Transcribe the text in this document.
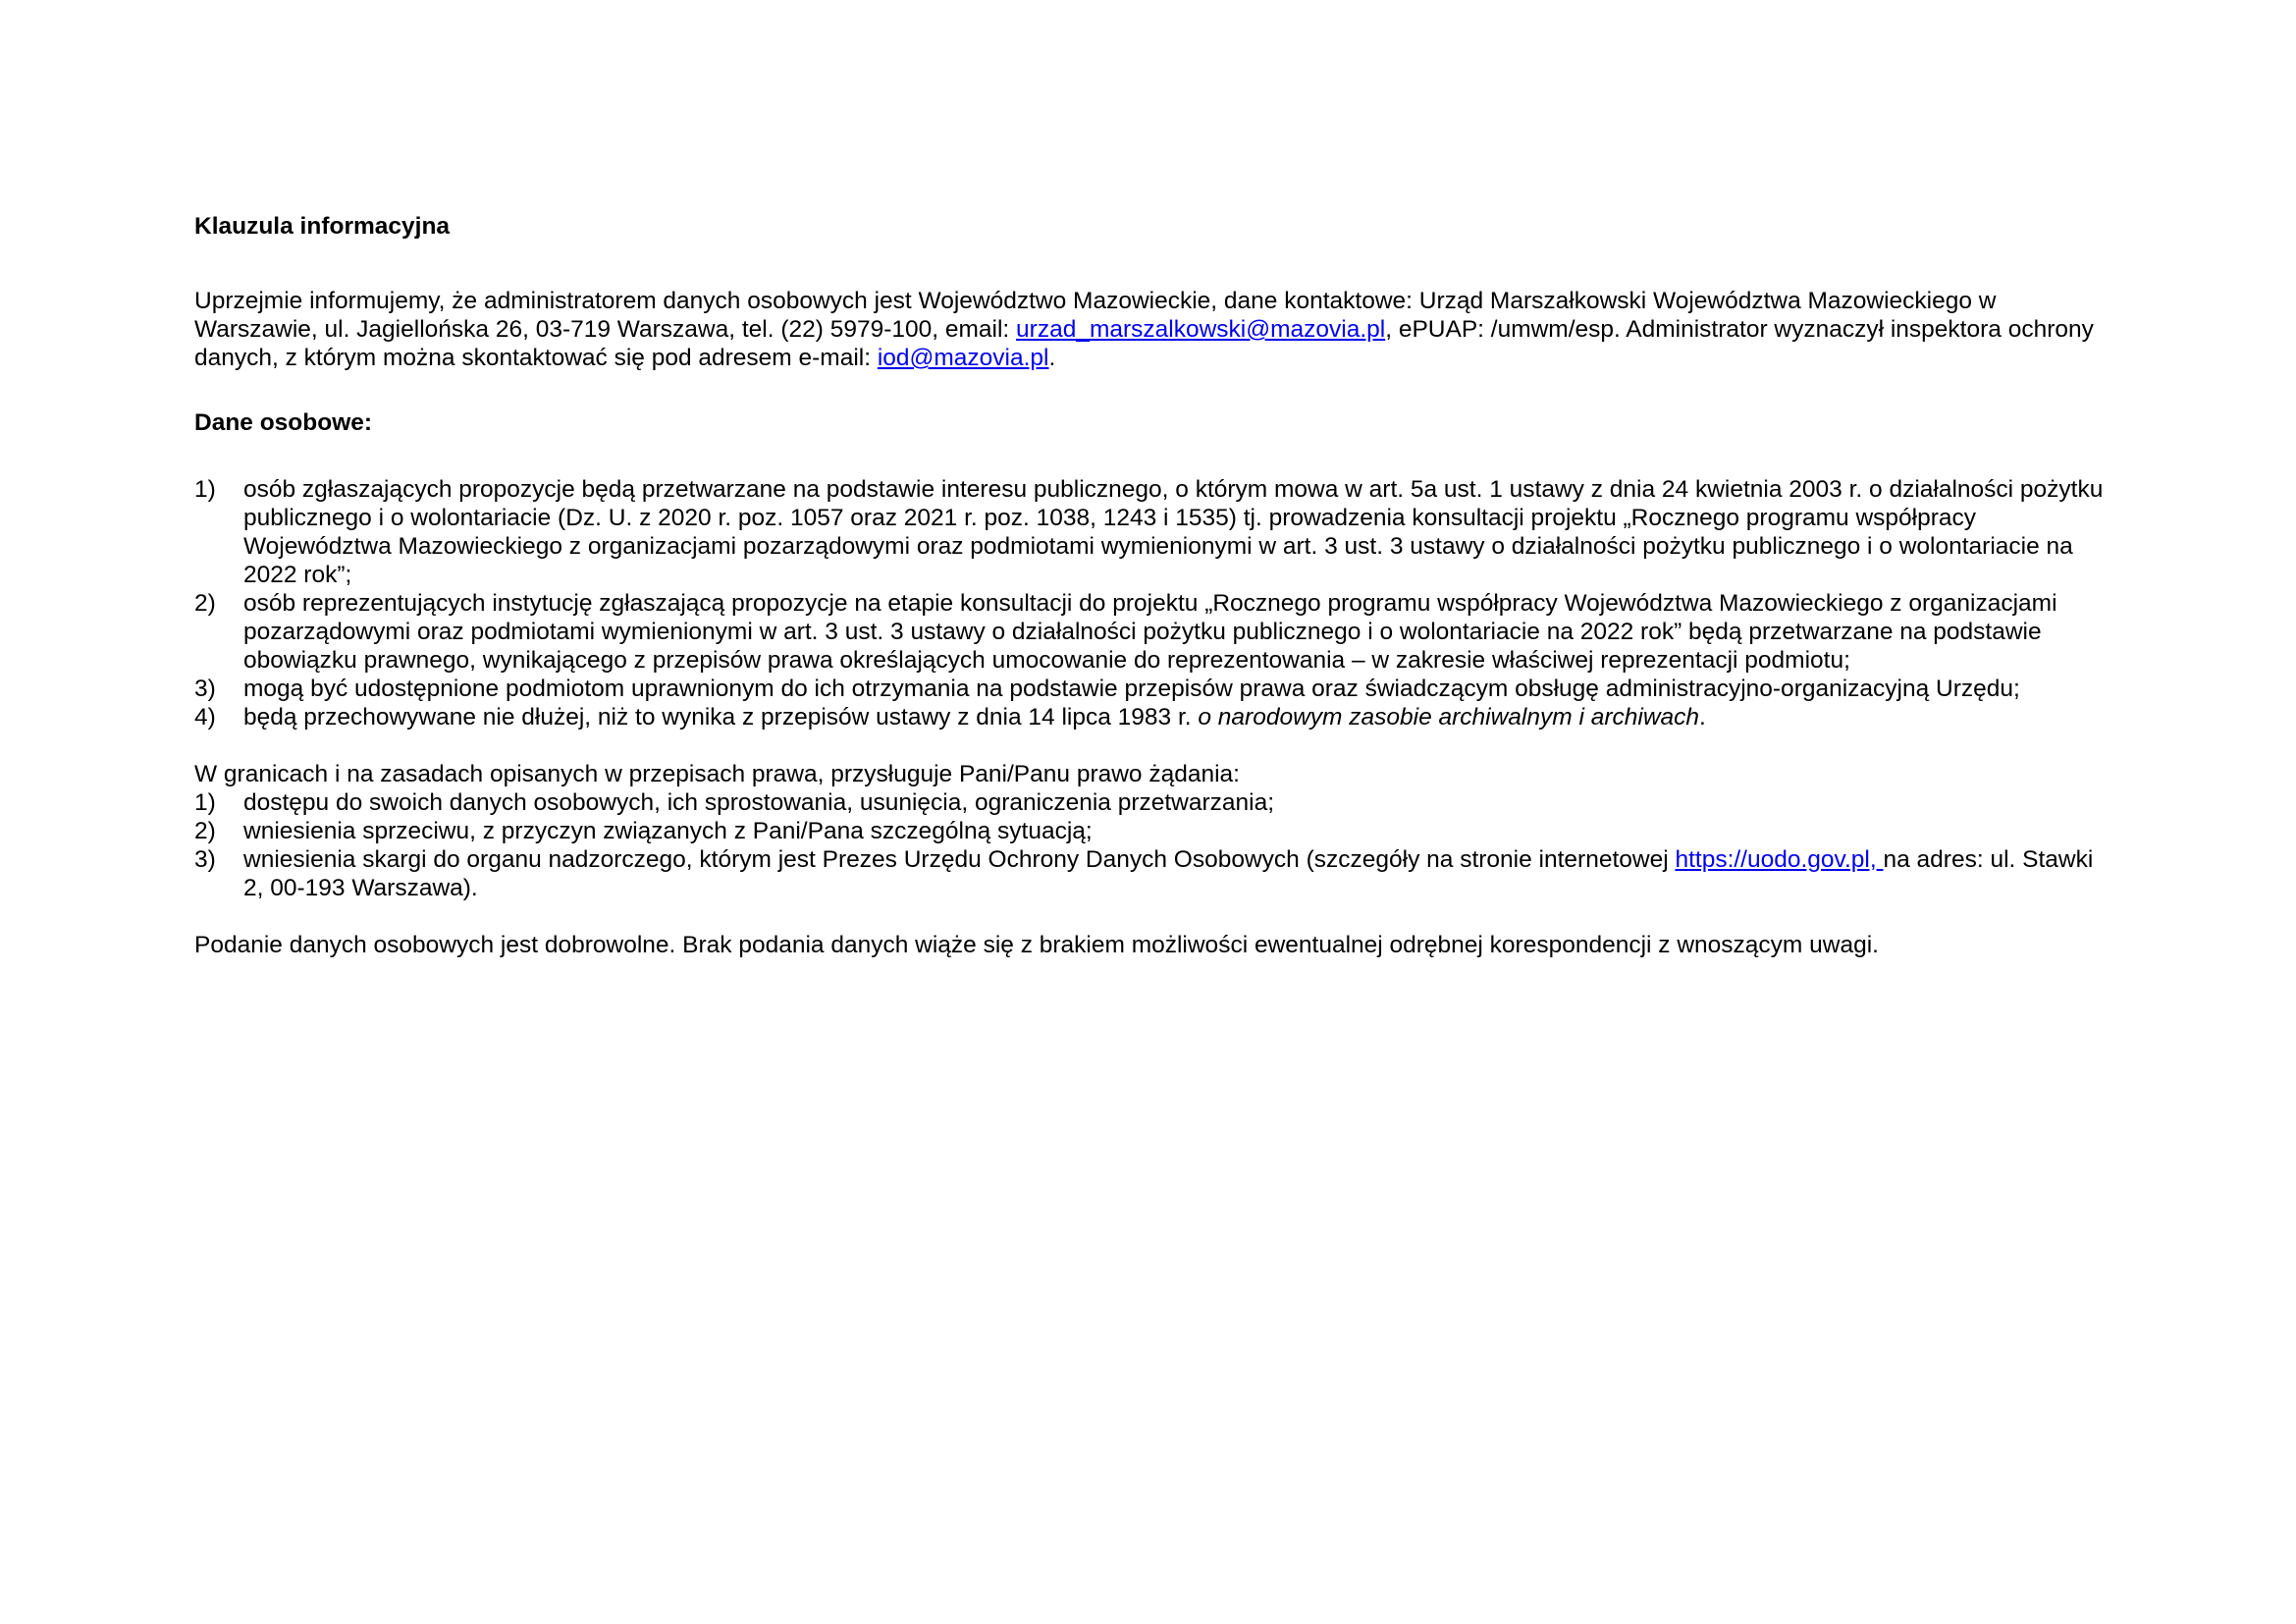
Klauzula informacyjna

Uprzejmie informujemy, że administratorem danych osobowych jest Województwo Mazowieckie, dane kontaktowe: Urząd Marszałkowski Województwa Mazowieckiego w Warszawie, ul. Jagiellońska 26, 03-719 Warszawa, tel. (22) 5979-100, email: urzad_marszalkowski@mazovia.pl, ePUAP: /umwm/esp. Administrator wyznaczył inspektora ochrony danych, z którym można skontaktować się pod adresem e-mail: iod@mazovia.pl.

Dane osobowe:

1)	osób zgłaszających propozycje będą przetwarzane na podstawie interesu publicznego, o którym mowa w art. 5a ust. 1 ustawy z dnia 24 kwietnia 2003 r. o działalności pożytku publicznego i o wolontariacie (Dz. U. z 2020 r. poz. 1057 oraz 2021 r. poz. 1038, 1243 i 1535) tj. prowadzenia konsultacji projektu „Rocznego programu współpracy Województwa Mazowieckiego z organizacjami pozarządowymi oraz podmiotami wymienionymi w art. 3 ust. 3 ustawy o działalności pożytku publicznego i o wolontariacie na 2022 rok”;
2)	osób reprezentujących instytucję zgłaszającą propozycje na etapie konsultacji do projektu „Rocznego programu współpracy Województwa Mazowieckiego z organizacjami pozarządowymi oraz podmiotami wymienionymi w art. 3 ust. 3 ustawy o działalności pożytku publicznego i o wolontariacie na 2022 rok” będą przetwarzane na podstawie obowiązku prawnego, wynikającego z przepisów prawa określających umocowanie do reprezentowania – w zakresie właściwej reprezentacji podmiotu;
3)	mogą być udostępnione podmiotom uprawnionym do ich otrzymania na podstawie przepisów prawa oraz świadczącym obsługę administracyjno-organizacyjną Urzędu;
4)	będą przechowywane nie dłużej, niż to wynika z przepisów ustawy z dnia 14 lipca 1983 r. o narodowym zasobie archiwalnym i archiwach.

W granicach i na zasadach opisanych w przepisach prawa, przysługuje Pani/Panu prawo żądania:

1)	dostępu do swoich danych osobowych, ich sprostowania, usunięcia, ograniczenia przetwarzania;
2)	wniesienia sprzeciwu, z przyczyn związanych z Pani/Pana szczególną sytuacją;
3)	wniesienia skargi do organu nadzorczego, którym jest Prezes Urzędu Ochrony Danych Osobowych (szczegóły na stronie internetowej https://uodo.gov.pl, na adres: ul. Stawki 2, 00-193 Warszawa).

Podanie danych osobowych jest dobrowolne. Brak podania danych wiąże się z brakiem możliwości ewentualnej odrębnej korespondencji z wnoszącym uwagi.
